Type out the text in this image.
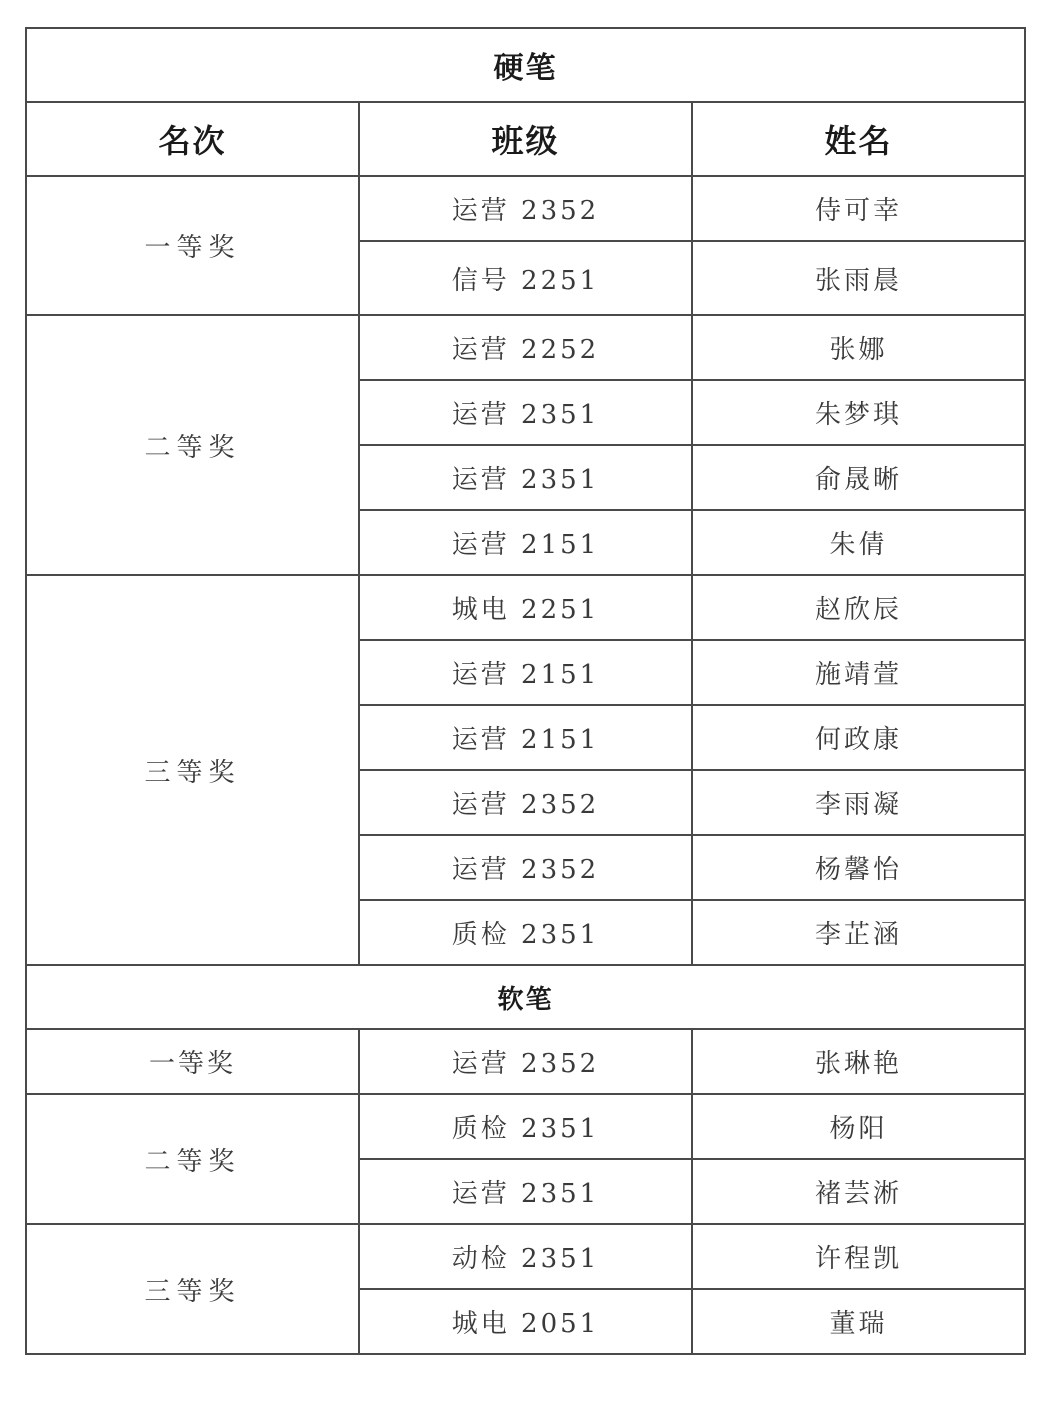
硬笔		
名次	班级	姓名
一等奖	运营 2352	侍可幸
	信号 2251	张雨晨
二等奖	运营 2252	张娜
	运营 2351	朱梦琪
	运营 2351	俞晟晰
	运营 2151	朱倩
三等奖	城电 2251	赵欣辰
	运营 2151	施靖萱
	运营 2151	何政康
	运营 2352	李雨凝
	运营 2352	杨馨怡
	质检 2351	李芷涵
软笔		
一等奖	运营 2352	张琳艳
二等奖	质检 2351	杨阳
	运营 2351	褚芸淅
三等奖	动检 2351	许程凯
	城电 2051	董瑞
